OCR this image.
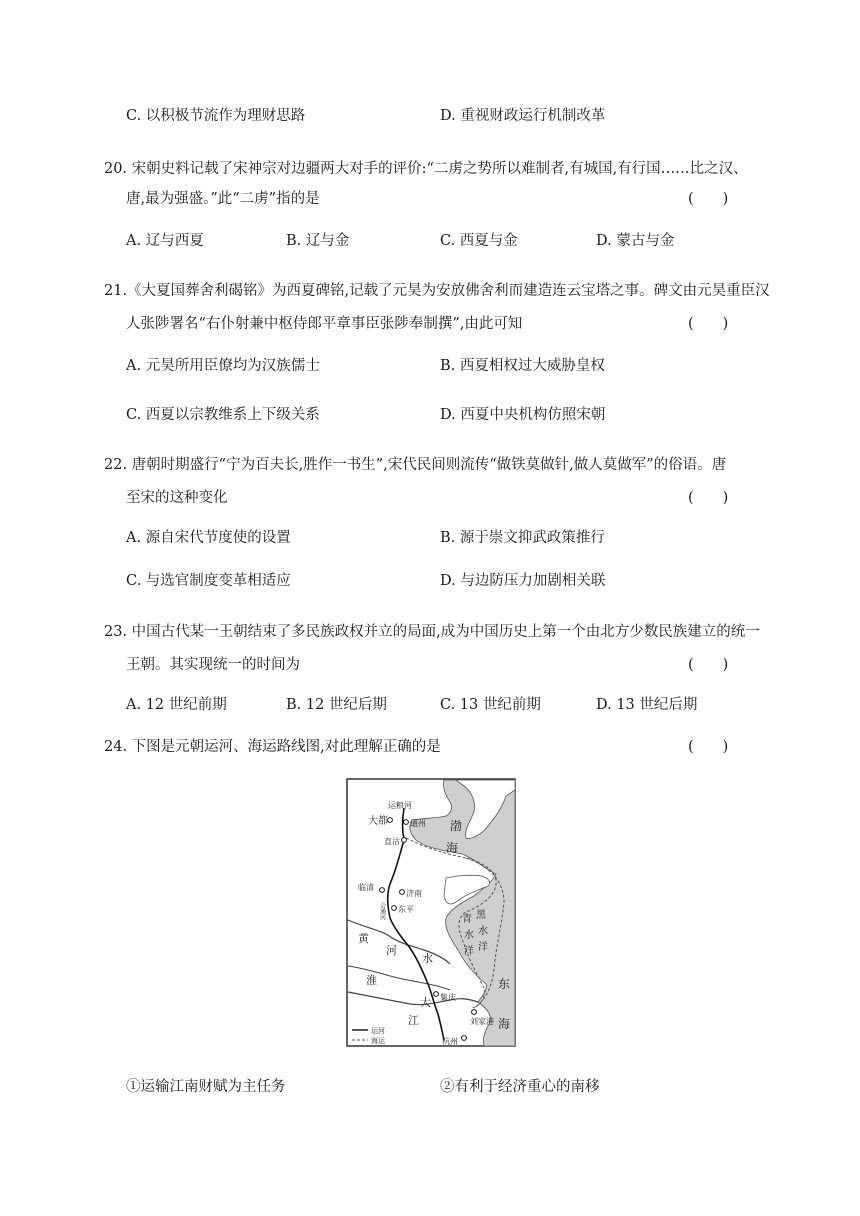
C. 以积极节流作为理财思路	D. 重视财政运行机制改革
20. 宋朝史料记载了宋神宗对边疆两大对手的评价:“二虏之势所以难制者,有城国,有行国……比之汉、
唐,最为强盛。”此“二虏”指的是	(　　)
A. 辽与西夏	B. 辽与金	C. 西夏与金	D. 蒙古与金
21.《大夏国葬舍利碣铭》为西夏碑铭,记载了元昊为安放佛舍利而建造连云宝塔之事。碑文由元昊重臣汉
人张陟署名“右仆射兼中枢侍郎平章事臣张陟奉制撰”,由此可知	(　　)
A. 元昊所用臣僚均为汉族儒士	B. 西夏相权过大威胁皇权
C. 西夏以宗教维系上下级关系	D. 西夏中央机构仿照宋朝
22. 唐朝时期盛行“宁为百夫长,胜作一书生”,宋代民间则流传“做铁莫做针,做人莫做军”的俗语。唐
至宋的这种变化	(　　)
A. 源自宋代节度使的设置	B. 源于崇文抑武政策推行
C. 与选官制度变革相适应	D. 与边防压力加剧相关联
23. 中国古代某一王朝结束了多民族政权并立的局面,成为中国历史上第一个由北方少数民族建立的统一
王朝。其实现统一的时间为	(　　)
A. 12 世纪前期	B. 12 世纪后期	C. 13 世纪前期	D. 13 世纪后期
24. 下图是元朝运河、海运路线图,对此理解正确的是	(　　)
运粮河
大都	通州
直沽
渤
海
临清
会通河
济南
东平
黄
河
水
淮
青 黑
水 水
洋 洋
东
海
大
江
集庆
刘家港
杭州
运河
海运
①运输江南财赋为主任务	②有利于经济重心的南移
